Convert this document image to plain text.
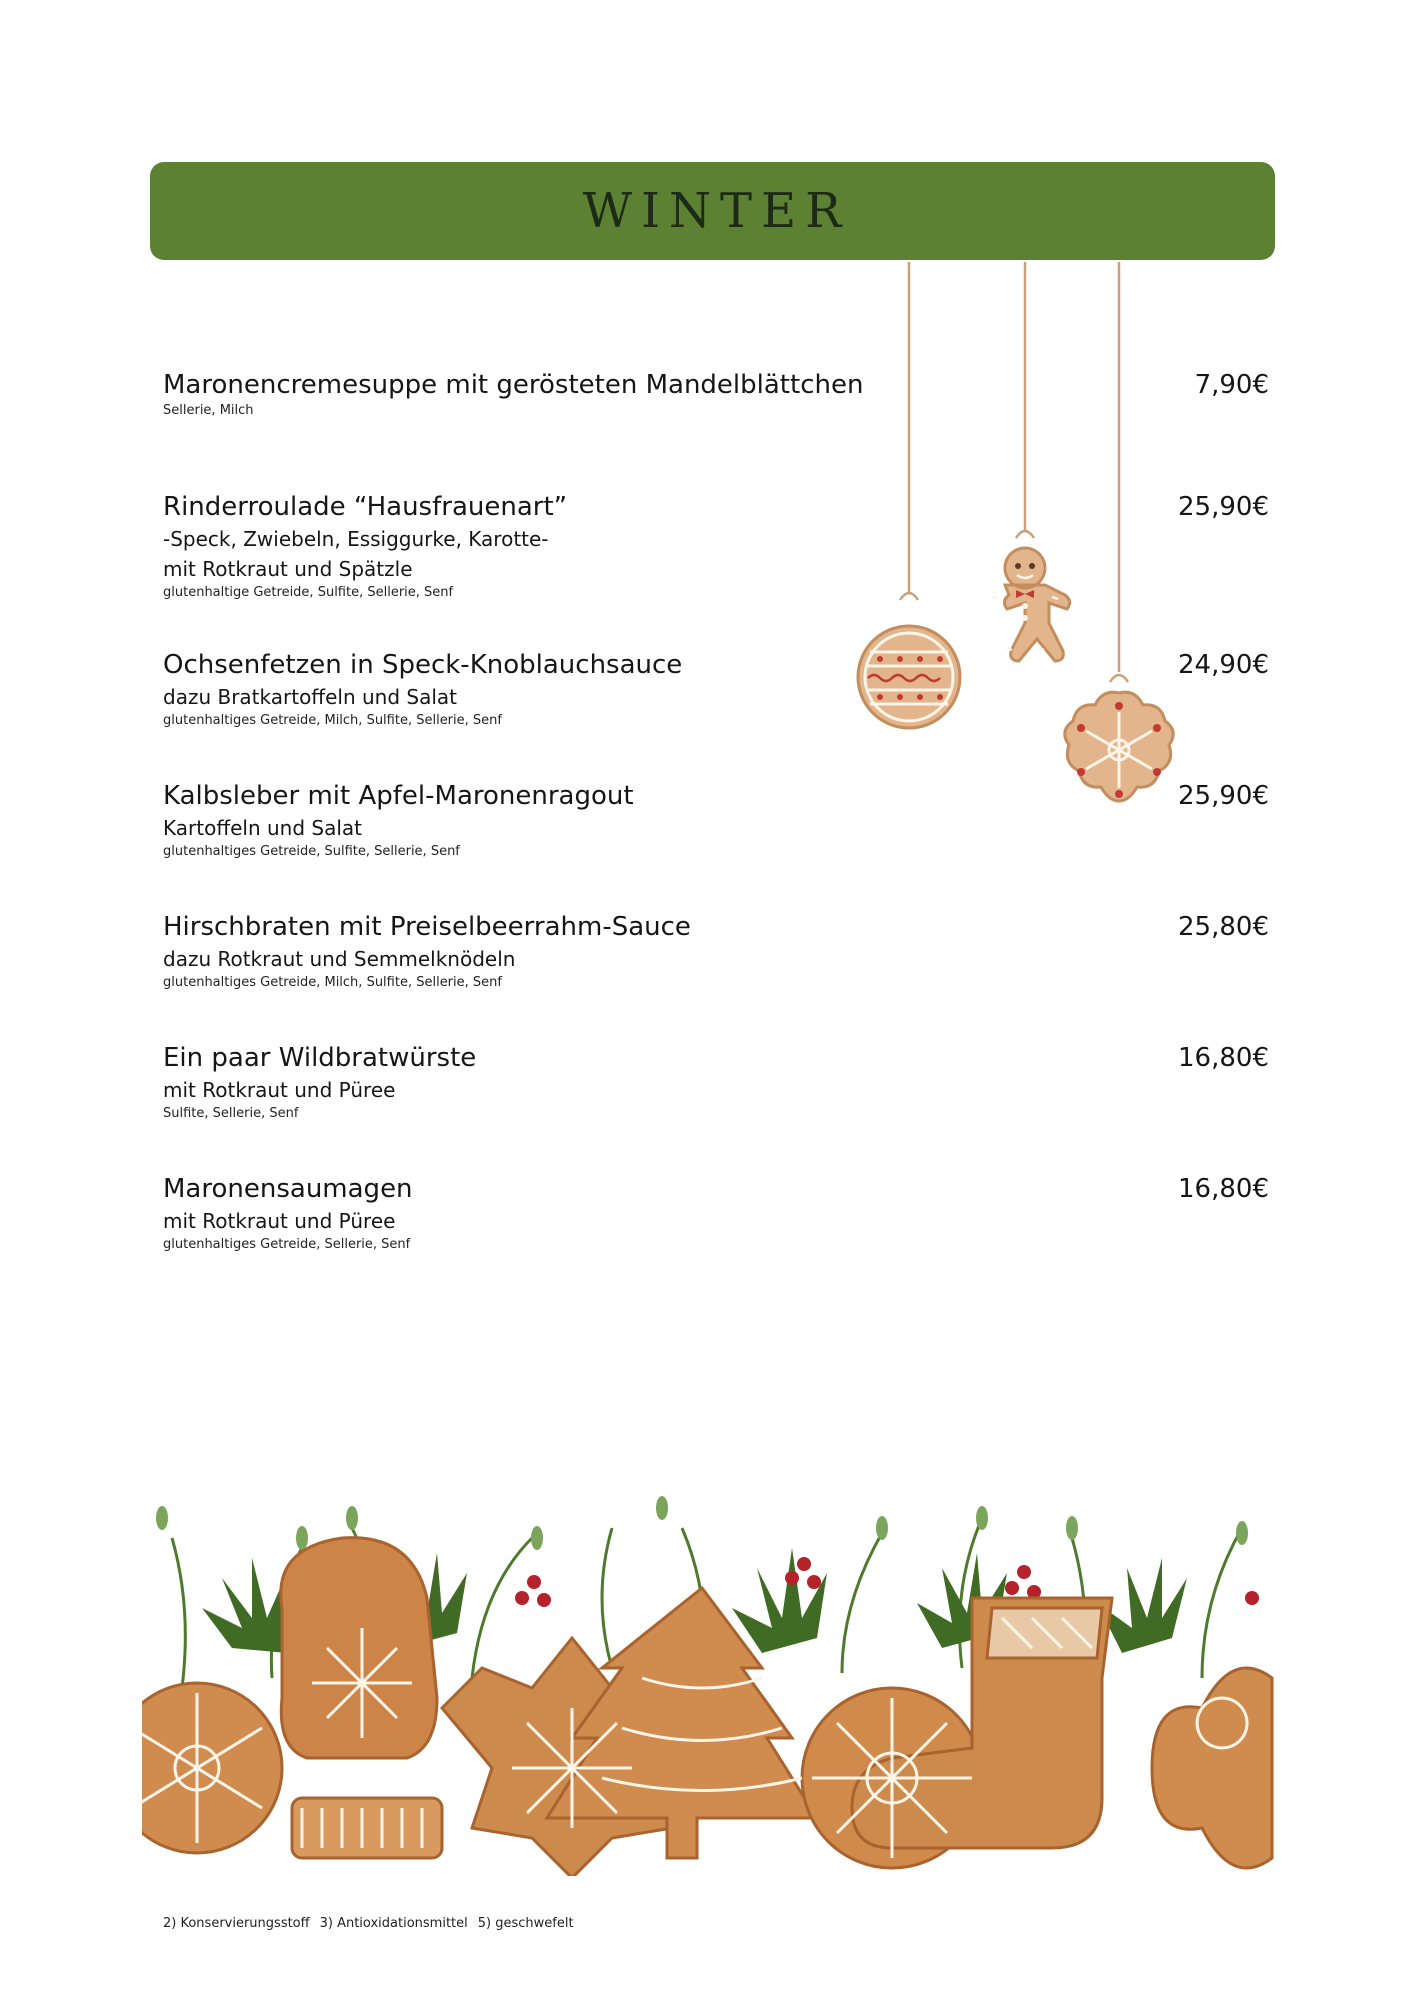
WINTER
Maronencremesuppe mit gerösteten Mandelblättchen
Sellerie, Milch
7,90€
Rinderroulade “Hausfrauenart”
-Speck, Zwiebeln, Essiggurke, Karotte-
mit Rotkraut und Spätzle
glutenhaltige Getreide, Sulfite, Sellerie, Senf
25,90€
Ochsenfetzen in Speck-Knoblauchsauce
dazu Bratkartoffeln und Salat
glutenhaltiges Getreide, Milch, Sulfite, Sellerie, Senf
24,90€
Kalbsleber mit Apfel-Maronenragout
Kartoffeln und Salat
glutenhaltiges Getreide, Sulfite, Sellerie, Senf
25,90€
Hirschbraten mit Preiselbeerrahm-Sauce
dazu Rotkraut und Semmelknödeln
glutenhaltiges Getreide, Milch, Sulfite, Sellerie, Senf
25,80€
Ein paar Wildbratwürste
mit Rotkraut und Püree
Sulfite, Sellerie, Senf
16,80€
Maronensaumagen
mit Rotkraut und Püree
glutenhaltiges Getreide, Sellerie, Senf
16,80€
2) Konservierungsstoff 3) Antioxidationsmittel 5) geschwefelt
